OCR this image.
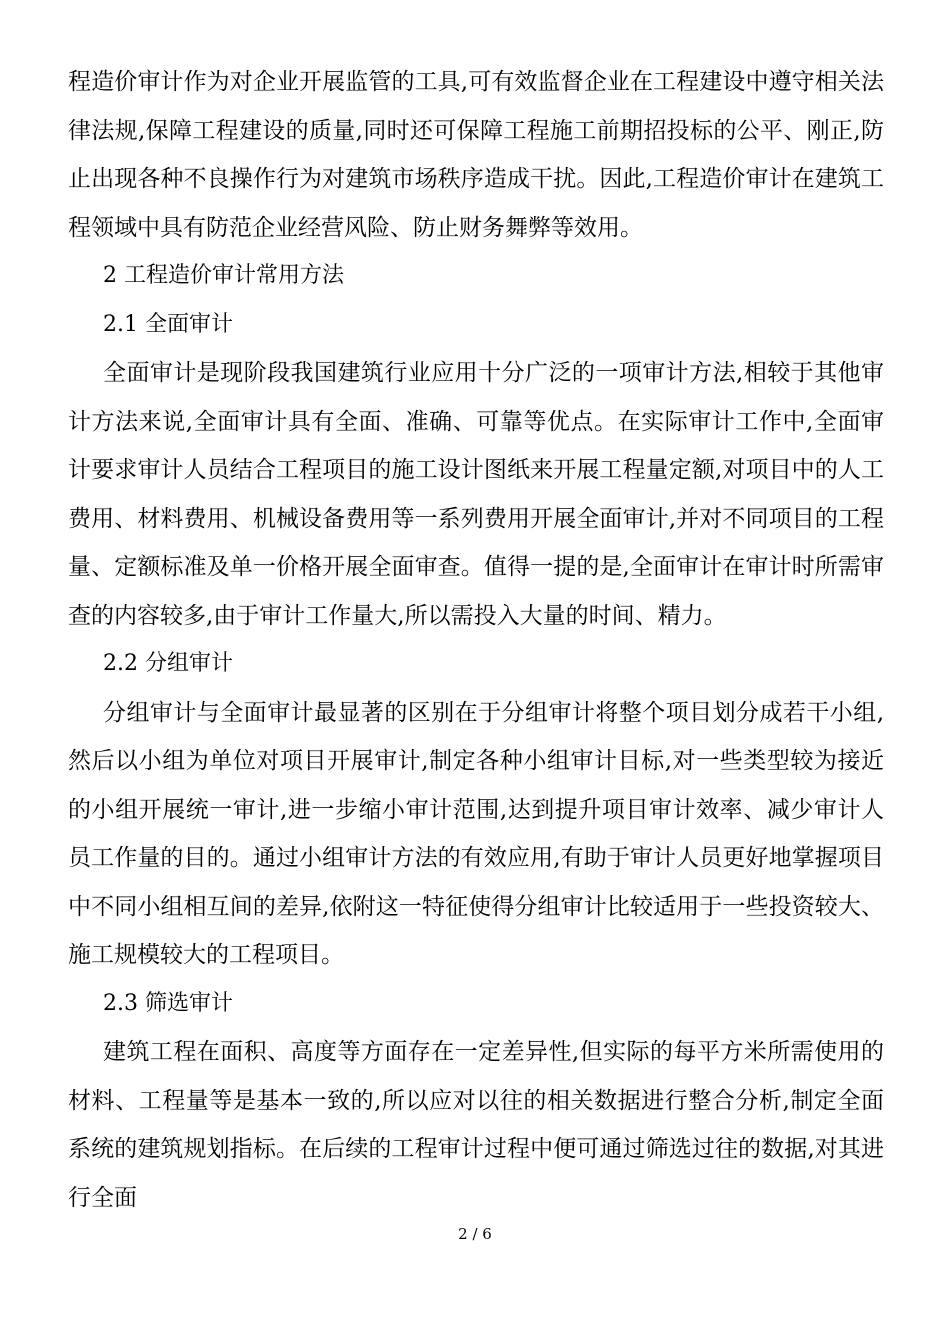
程造价审计作为对企业开展监管的工具,可有效监督企业在工程建设中遵守相关法律法规,保障工程建设的质量,同时还可保障工程施工前期招投标的公平、刚正,防止出现各种不良操作行为对建筑市场秩序造成干扰。因此,工程造价审计在建筑工程领域中具有防范企业经营风险、防止财务舞弊等效用。

2 工程造价审计常用方法

2.1 全面审计

全面审计是现阶段我国建筑行业应用十分广泛的一项审计方法,相较于其他审计方法来说,全面审计具有全面、准确、可靠等优点。在实际审计工作中,全面审计要求审计人员结合工程项目的施工设计图纸来开展工程量定额,对项目中的人工费用、材料费用、机械设备费用等一系列费用开展全面审计,并对不同项目的工程量、定额标准及单一价格开展全面审查。值得一提的是,全面审计在审计时所需审查的内容较多,由于审计工作量大,所以需投入大量的时间、精力。

2.2 分组审计

分组审计与全面审计最显著的区别在于分组审计将整个项目划分成若干小组,然后以小组为单位对项目开展审计,制定各种小组审计目标,对一些类型较为接近的小组开展统一审计,进一步缩小审计范围,达到提升项目审计效率、减少审计人员工作量的目的。通过小组审计方法的有效应用,有助于审计人员更好地掌握项目中不同小组相互间的差异,依附这一特征使得分组审计比较适用于一些投资较大、施工规模较大的工程项目。

2.3 筛选审计

建筑工程在面积、高度等方面存在一定差异性,但实际的每平方米所需使用的材料、工程量等是基本一致的,所以应对以往的相关数据进行整合分析,制定全面系统的建筑规划指标。在后续的工程审计过程中便可通过筛选过往的数据,对其进行全面

2 / 6
